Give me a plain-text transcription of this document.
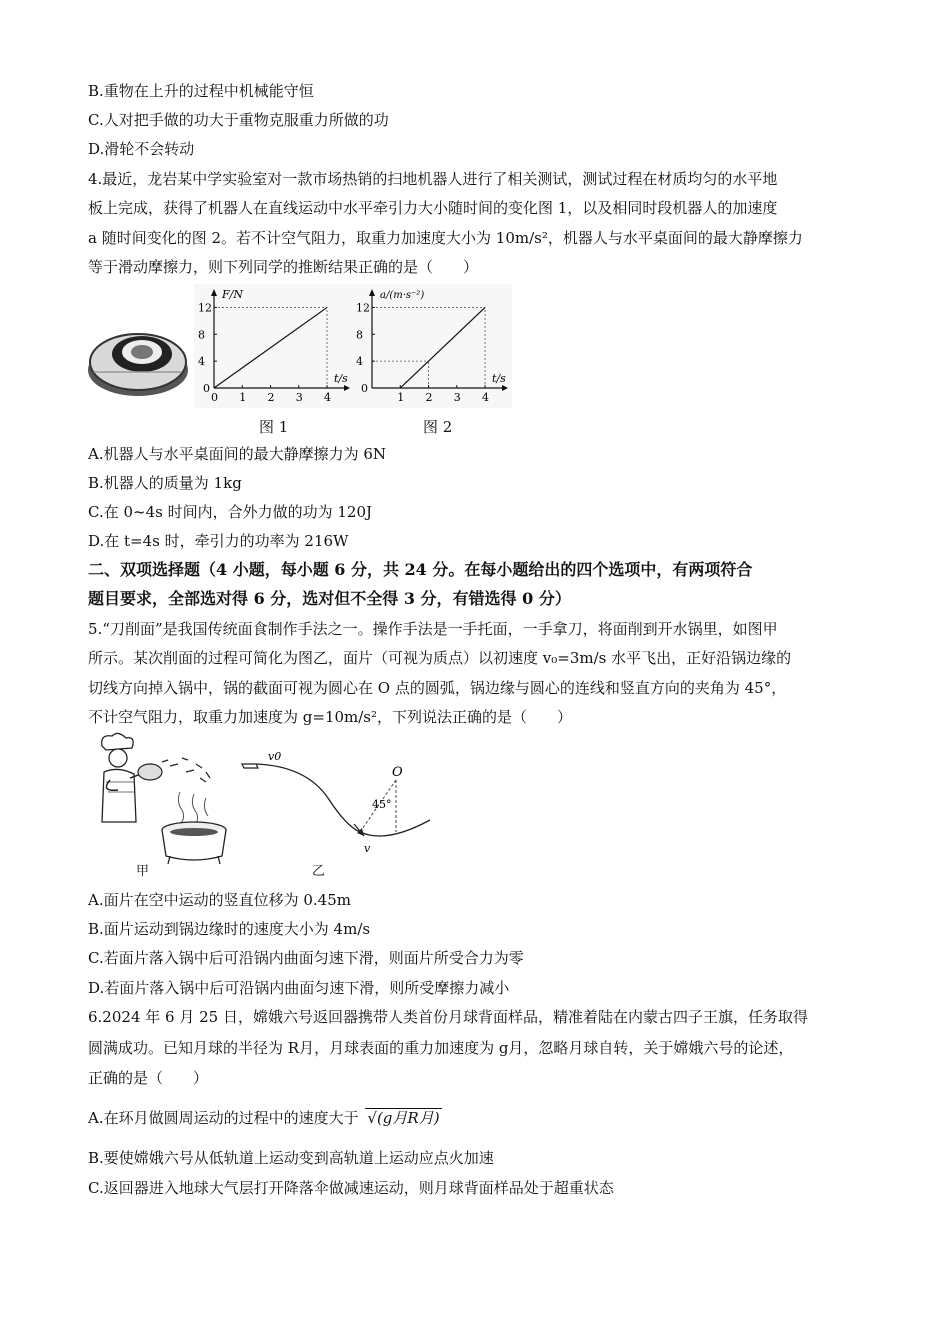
B.重物在上升的过程中机械能守恒
C.人对把手做的功大于重物克服重力所做的功
D.滑轮不会转动
4.最近，龙岩某中学实验室对一款市场热销的扫地机器人进行了相关测试，测试过程在材质均匀的水平地
板上完成，获得了机器人在直线运动中水平牵引力大小随时间的变化图 1，以及相同时段机器人的加速度
a 随时间变化的图 2。若不计空气阻力，取重力加速度大小为 10m/s²，机器人与水平桌面间的最大静摩擦力
等于滑动摩擦力，则下列同学的推断结果正确的是（　　）
F/N
t/s
0
0 1 2 3 4
4
8
12
图 1
a/(m·s⁻²)
t/s
0
1 2 3 4
4
8
12
图 2
A.机器人与水平桌面间的最大静摩擦力为 6N
B.机器人的质量为 1kg
C.在 0~4s 时间内，合外力做的功为 120J
D.在 t=4s 时，牵引力的功率为 216W
二、双项选择题（4 小题，每小题 6 分，共 24 分。在每小题给出的四个选项中，有两项符合
题目要求，全部选对得 6 分，选对但不全得 3 分，有错选得 0 分）
5.“刀削面”是我国传统面食制作手法之一。操作手法是一手托面，一手拿刀，将面削到开水锅里，如图甲
所示。某次削面的过程可简化为图乙，面片（可视为质点）以初速度 v₀=3m/s 水平飞出，正好沿锅边缘的
切线方向掉入锅中，锅的截面可视为圆心在 O 点的圆弧，锅边缘与圆心的连线和竖直方向的夹角为 45°，
不计空气阻力，取重力加速度为 g=10m/s²，下列说法正确的是（　　）
甲
v0
O
45°
v
乙
A.面片在空中运动的竖直位移为 0.45m
B.面片运动到锅边缘时的速度大小为 4m/s
C.若面片落入锅中后可沿锅内曲面匀速下滑，则面片所受合力为零
D.若面片落入锅中后可沿锅内曲面匀速下滑，则所受摩擦力减小
6.2024 年 6 月 25 日，嫦娥六号返回器携带人类首份月球背面样品，精准着陆在内蒙古四子王旗，任务取得
圆满成功。已知月球的半径为 R月，月球表面的重力加速度为 g月，忽略月球自转，关于嫦娥六号的论述，
正确的是（　　）
A.在环月做圆周运动的过程中的速度大于 √(g月R月)
B.要使嫦娥六号从低轨道上运动变到高轨道上运动应点火加速
C.返回器进入地球大气层打开降落伞做减速运动，则月球背面样品处于超重状态
